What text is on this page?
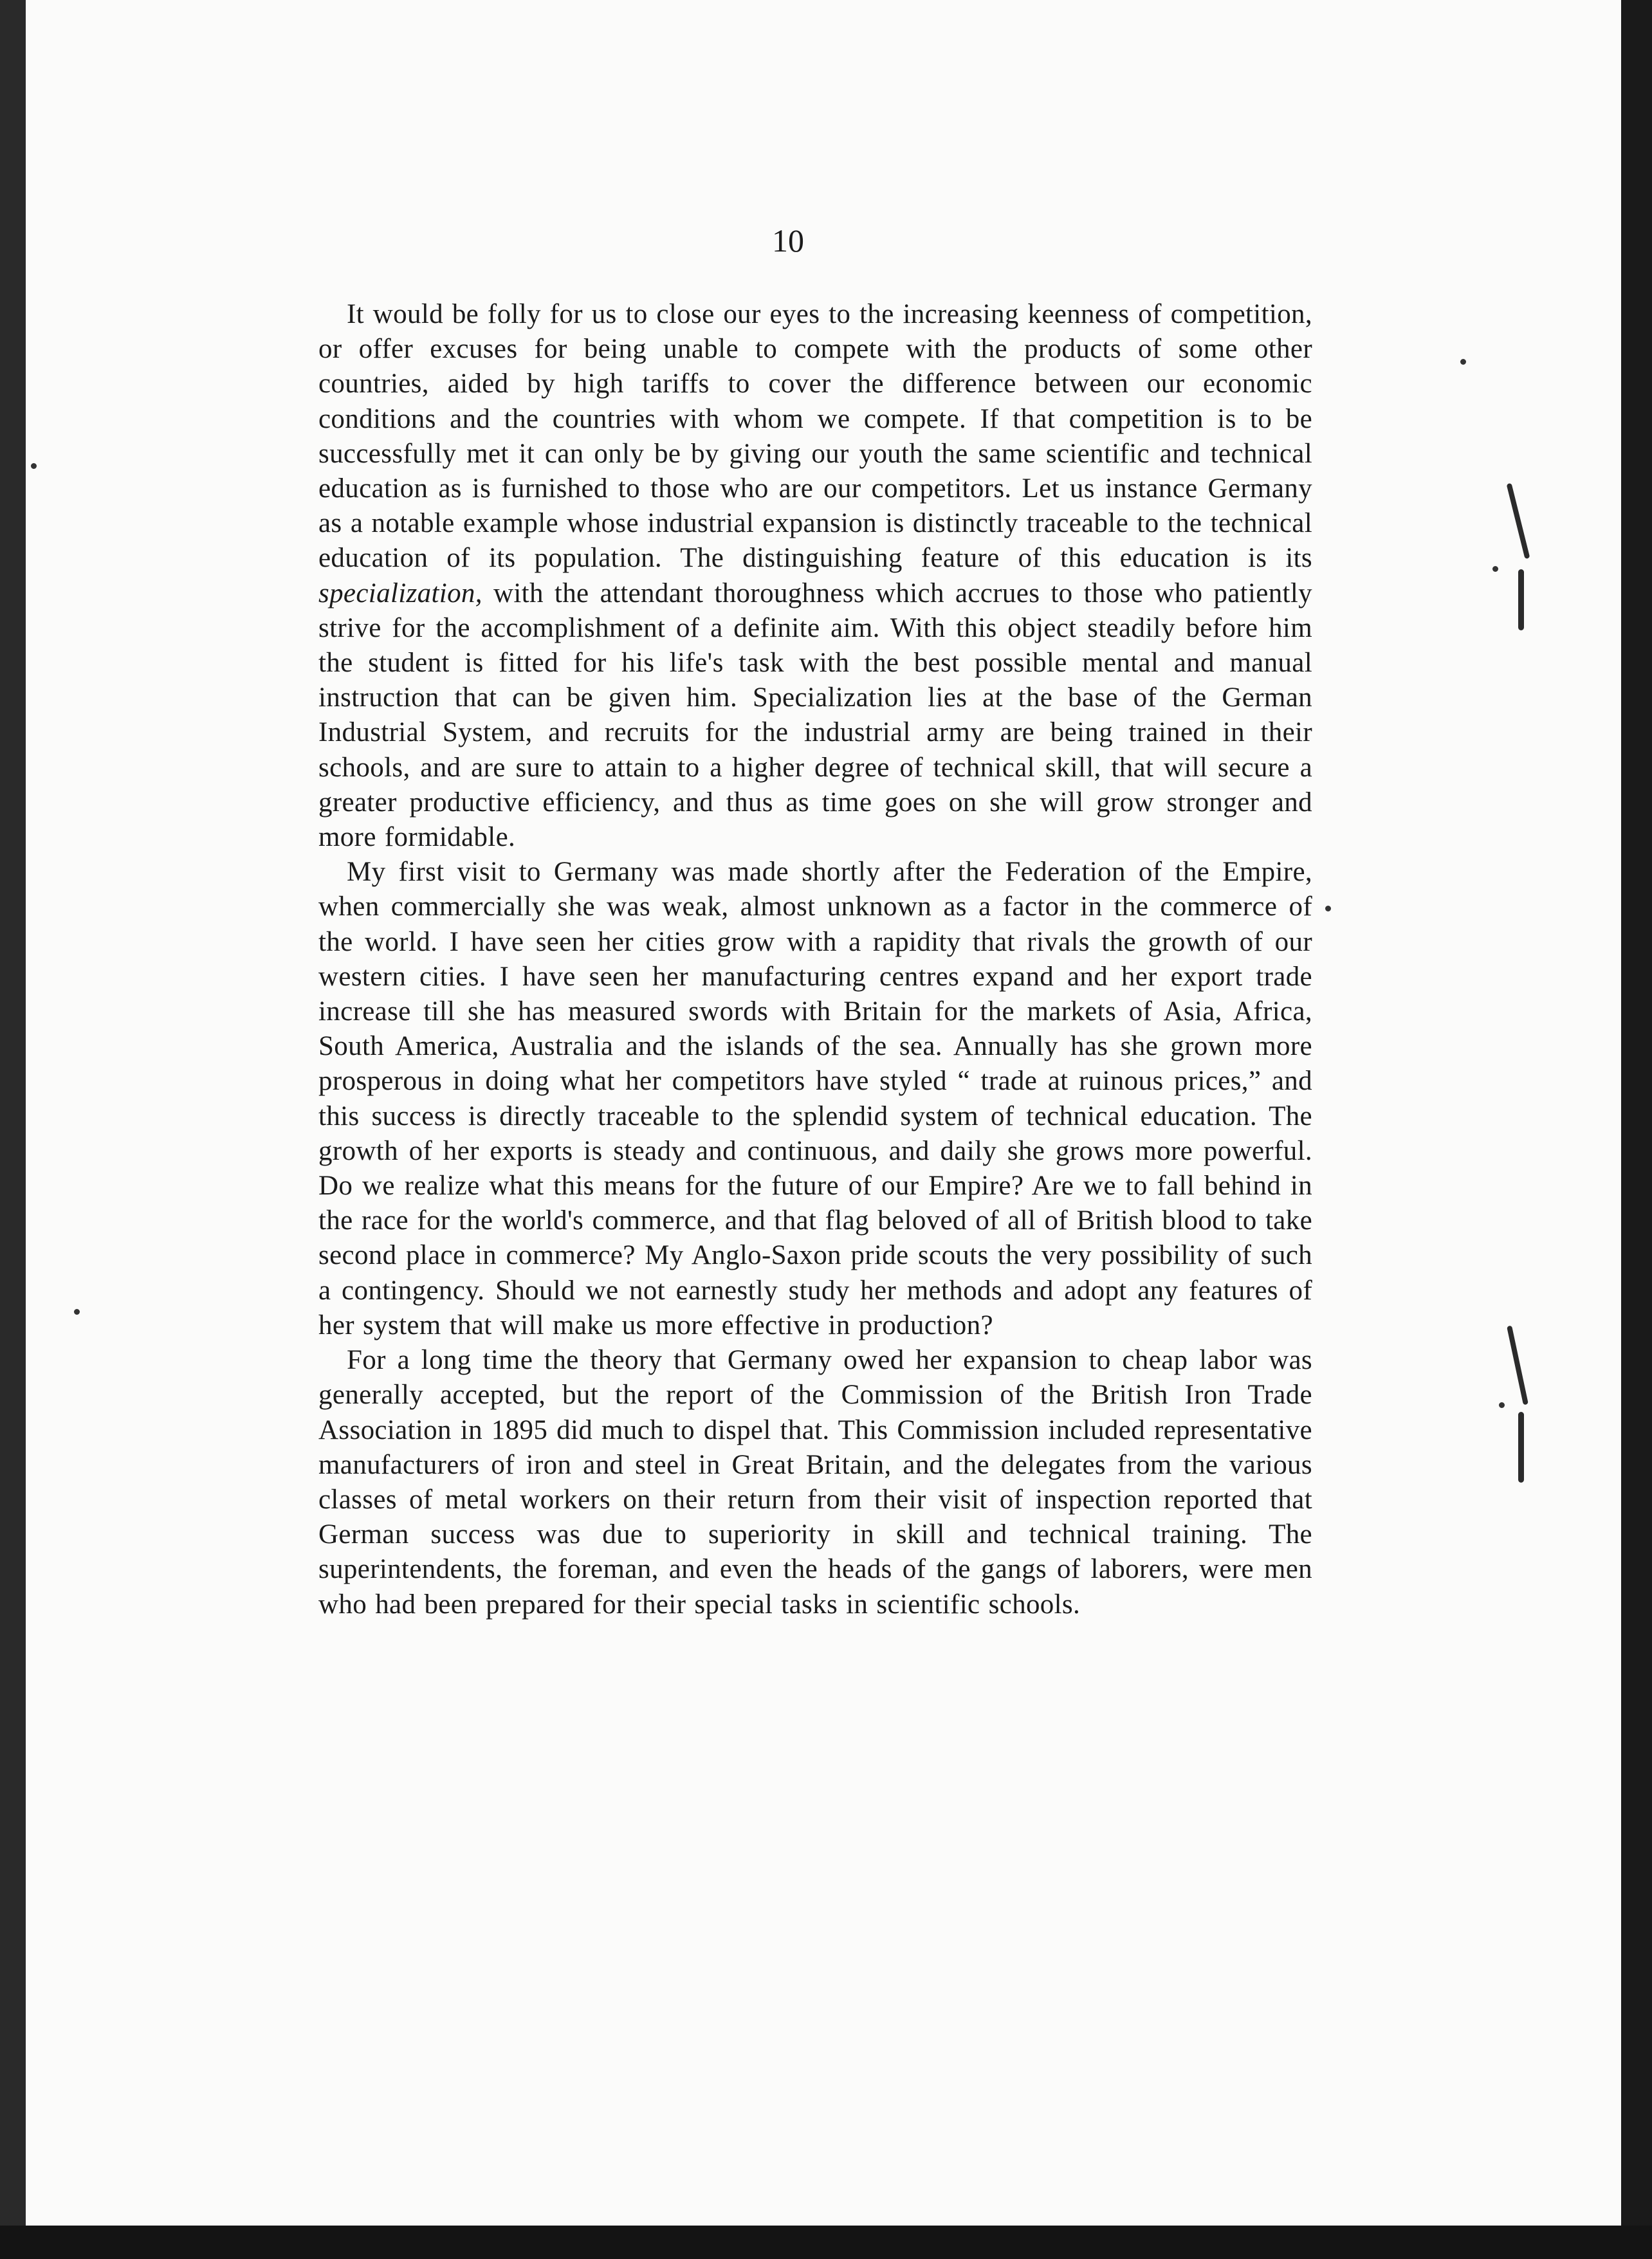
10

It would be folly for us to close our eyes to the increasing keenness of competition, or offer excuses for being unable to compete with the products of some other countries, aided by high tariffs to cover the difference between our economic conditions and the countries with whom we compete. If that competition is to be successfully met it can only be by giving our youth the same scientific and technical education as is furnished to those who are our competitors. Let us instance Germany as a notable example whose industrial expansion is distinctly traceable to the technical education of its population. The distinguishing feature of this education is its specialization, with the attendant thoroughness which accrues to those who patiently strive for the accomplishment of a definite aim. With this object steadily before him the student is fitted for his life's task with the best possible mental and manual instruction that can be given him. Specialization lies at the base of the German Industrial System, and recruits for the industrial army are being trained in their schools, and are sure to attain to a higher degree of technical skill, that will secure a greater productive efficiency, and thus as time goes on she will grow stronger and more formidable.

My first visit to Germany was made shortly after the Federation of the Empire, when commercially she was weak, almost unknown as a factor in the commerce of the world. I have seen her cities grow with a rapidity that rivals the growth of our western cities. I have seen her manufacturing centres expand and her export trade increase till she has measured swords with Britain for the markets of Asia, Africa, South America, Australia and the islands of the sea. Annually has she grown more prosperous in doing what her competitors have styled “ trade at ruinous prices,” and this success is directly traceable to the splendid system of technical education. The growth of her exports is steady and continuous, and daily she grows more powerful. Do we realize what this means for the future of our Empire? Are we to fall behind in the race for the world's commerce, and that flag beloved of all of British blood to take second place in commerce? My Anglo-Saxon pride scouts the very possibility of such a contingency. Should we not earnestly study her methods and adopt any features of her system that will make us more effective in production?

For a long time the theory that Germany owed her expansion to cheap labor was generally accepted, but the report of the Commission of the British Iron Trade Association in 1895 did much to dispel that. This Commission included representative manufacturers of iron and steel in Great Britain, and the delegates from the various classes of metal workers on their return from their visit of inspection reported that German success was due to superiority in skill and technical training. The superintendents, the foreman, and even the heads of the gangs of laborers, were men who had been prepared for their special tasks in scientific schools.
